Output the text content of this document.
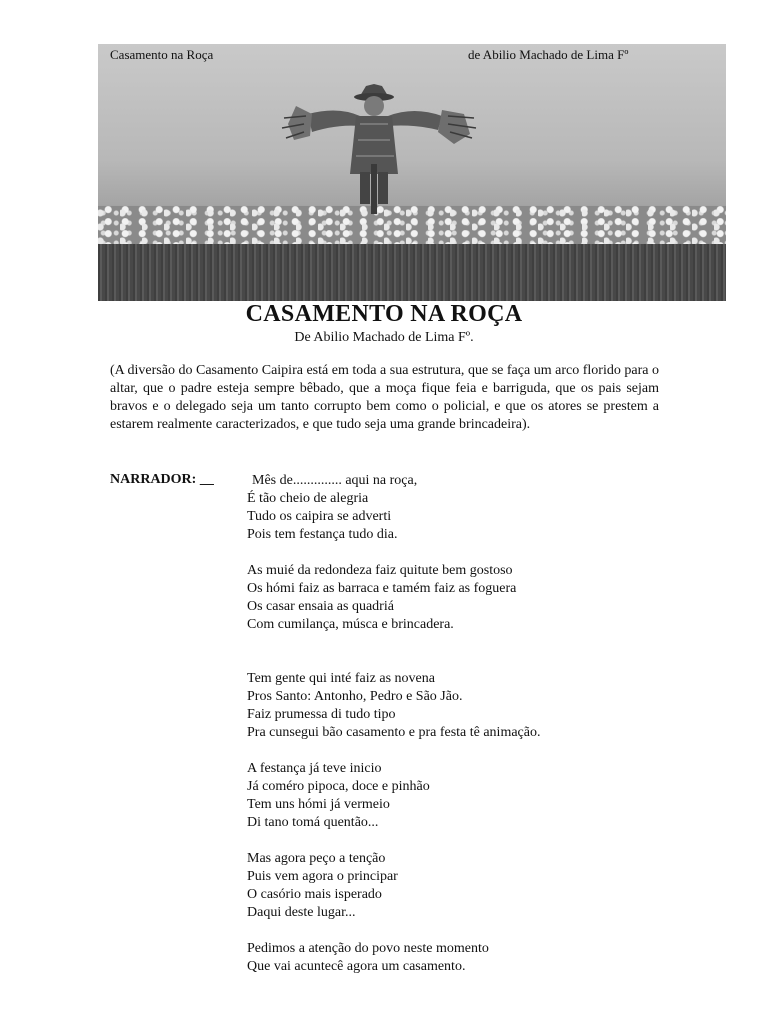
Casamento na Roça	de Abilio Machado de Lima Fº
CASAMENTO NA ROÇA
De Abilio Machado de Lima Fº.
(A diversão do Casamento Caipira está em toda a sua estrutura, que se faça um arco florido para o altar, que o padre esteja sempre bêbado, que a moça fique feia e barriguda, que os pais sejam bravos e o delegado seja um tanto corrupto bem como o policial, e que os atores se prestem a estarem realmente caracterizados, e que tudo seja uma grande brincadeira).
NARRADOR: __	Mês de.............. aqui na roça,
É tão cheio de alegria
Tudo os caipira se adverti
Pois tem festança tudo dia.
As muié da redondeza faiz quitute bem gostoso
Os hómi faiz as barraca e tamém faiz as foguera
Os casar ensaia as quadriá
Com cumilança, músca e brincadera.
Tem gente qui inté faiz as novena
Pros Santo: Antonho, Pedro e São Jão.
Faiz prumessa di tudo tipo
Pra cunsegui bão casamento e pra festa tê animação.
A festança já teve inicio
Já coméro pipoca, doce e pinhão
Tem uns hómi já vermeio
Di tano tomá quentão...
Mas agora peço a tenção
Puis vem agora o principar
O casório mais isperado
Daqui deste lugar...
Pedimos a atenção do povo neste momento
Que vai acuntecê agora um casamento.
